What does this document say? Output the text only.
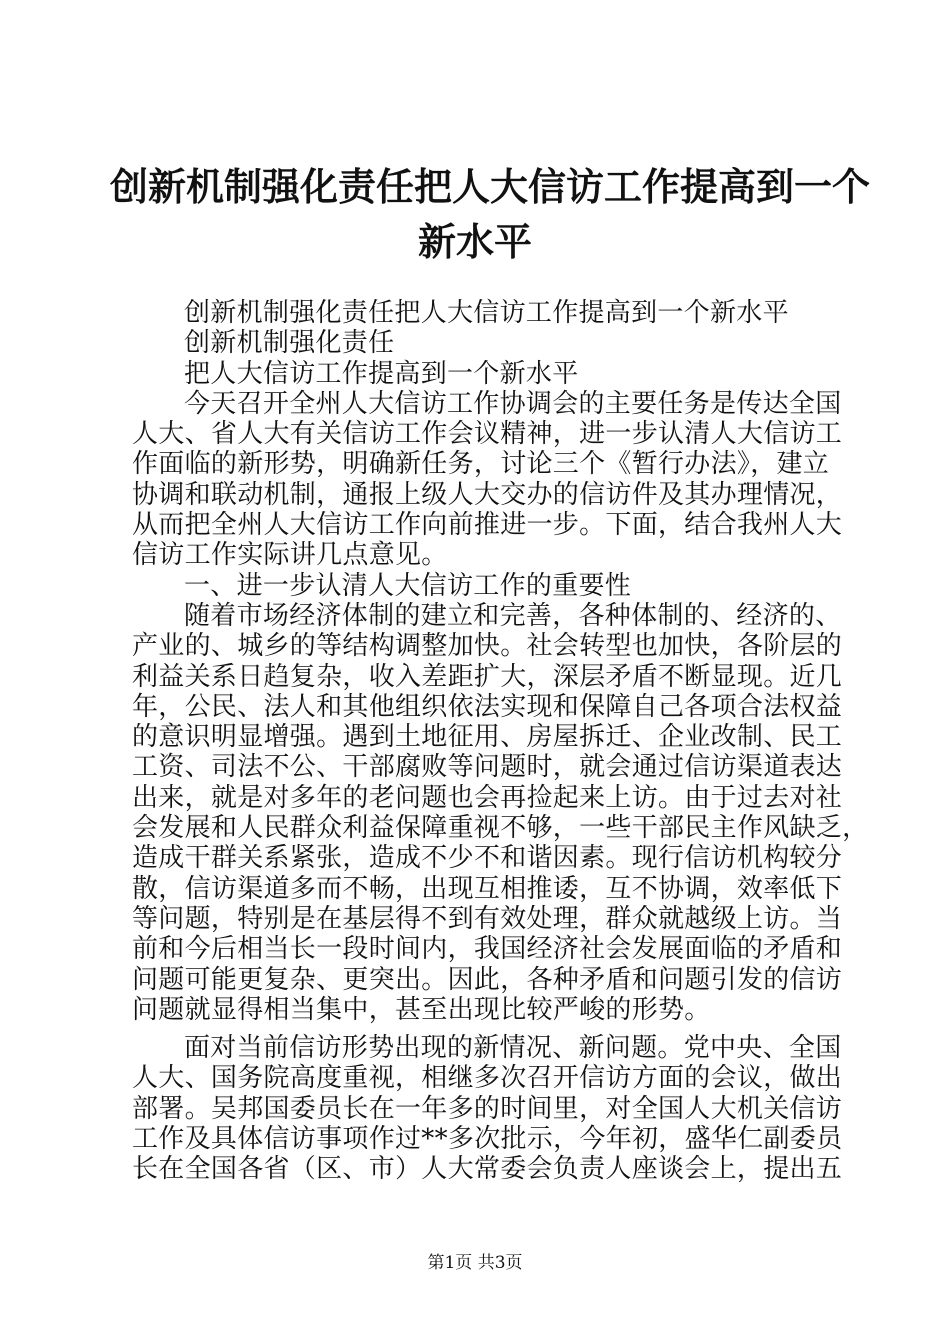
创新机制强化责任把人大信访工作提高到一个
新水平
创新机制强化责任把人大信访工作提高到一个新水平
创新机制强化责任
把人大信访工作提高到一个新水平
今天召开全州人大信访工作协调会的主要任务是传达全国
人大、省人大有关信访工作会议精神，进一步认清人大信访工
作面临的新形势，明确新任务，讨论三个《暂行办法》，建立
协调和联动机制，通报上级人大交办的信访件及其办理情况，
从而把全州人大信访工作向前推进一步。下面，结合我州人大
信访工作实际讲几点意见。
一、进一步认清人大信访工作的重要性
随着市场经济体制的建立和完善，各种体制的、经济的、
产业的、城乡的等结构调整加快。社会转型也加快，各阶层的
利益关系日趋复杂，收入差距扩大，深层矛盾不断显现。近几
年，公民、法人和其他组织依法实现和保障自己各项合法权益
的意识明显增强。遇到土地征用、房屋拆迁、企业改制、民工
工资、司法不公、干部腐败等问题时，就会通过信访渠道表达
出来，就是对多年的老问题也会再捡起来上访。由于过去对社
会发展和人民群众利益保障重视不够，一些干部民主作风缺乏，
造成干群关系紧张，造成不少不和谐因素。现行信访机构较分
散，信访渠道多而不畅，出现互相推诿，互不协调，效率低下
等问题，特别是在基层得不到有效处理，群众就越级上访。当
前和今后相当长一段时间内，我国经济社会发展面临的矛盾和
问题可能更复杂、更突出。因此，各种矛盾和问题引发的信访
问题就显得相当集中，甚至出现比较严峻的形势。
面对当前信访形势出现的新情况、新问题。党中央、全国
人大、国务院高度重视，相继多次召开信访方面的会议，做出
部署。吴邦国委员长在一年多的时间里，对全国人大机关信访
工作及具体信访事项作过**多次批示，今年初，盛华仁副委员
长在全国各省（区、市）人大常委会负责人座谈会上，提出五
第1页 共3页
